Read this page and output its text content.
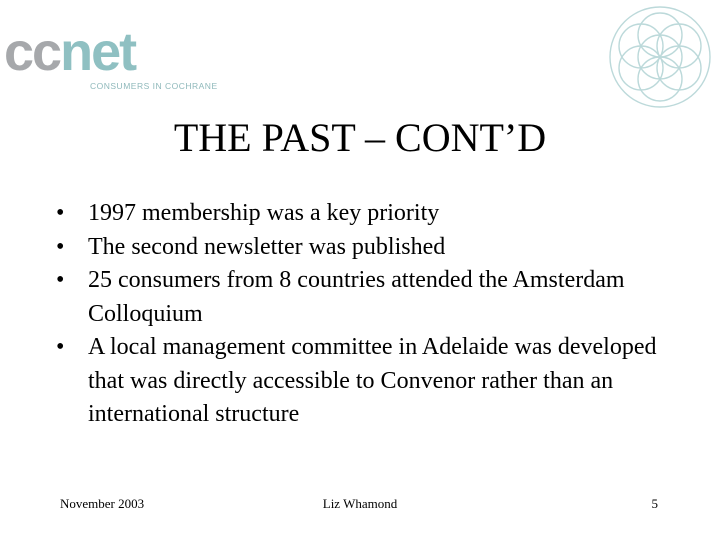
ccnet
CONSUMERS IN COCHRANE
THE PAST – CONT’D
• 1997 membership was a key priority
• The second newsletter was published
• 25 consumers from 8 countries attended the Amsterdam Colloquium
• A local management committee in Adelaide was developed that was directly accessible to Convenor rather than an international structure
November 2003	Liz Whamond	5
